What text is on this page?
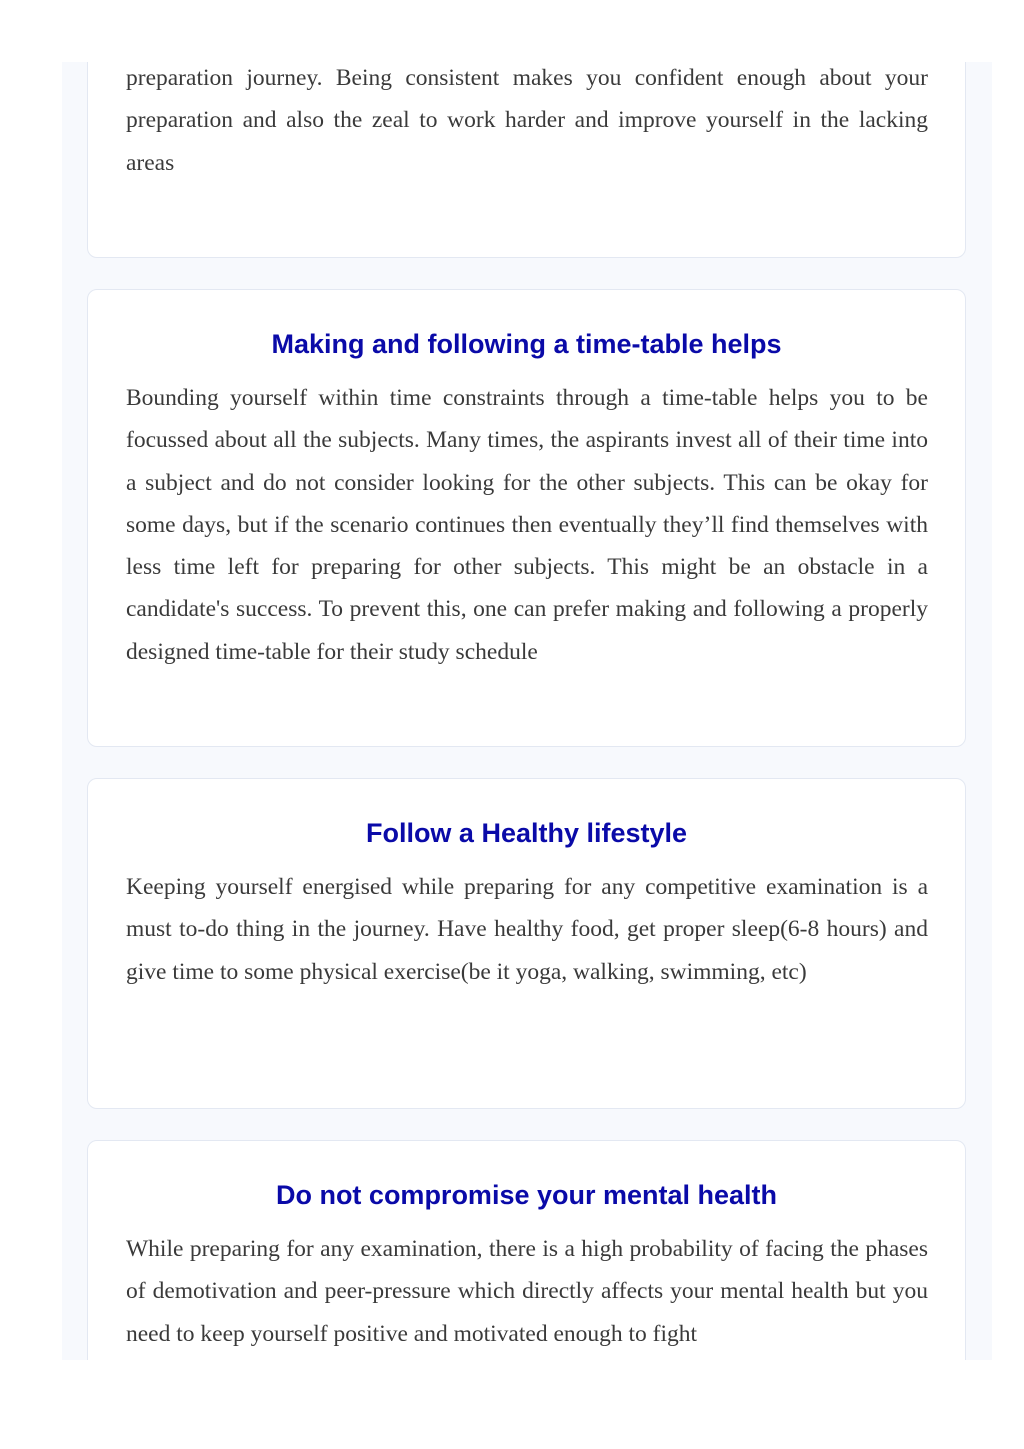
preparation journey. Being consistent makes you confident enough about your preparation and also the zeal to work harder and improve yourself in the lacking areas

Making and following a time-table helps

Bounding yourself within time constraints through a time-table helps you to be focussed about all the subjects. Many times, the aspirants invest all of their time into a subject and do not consider looking for the other subjects. This can be okay for some days, but if the scenario continues then eventually they’ll find themselves with less time left for preparing for other subjects. This might be an obstacle in a candidate's success. To prevent this, one can prefer making and following a properly designed time-table for their study schedule

Follow a Healthy lifestyle

Keeping yourself energised while preparing for any competitive examination is a must to-do thing in the journey. Have healthy food, get proper sleep(6-8 hours) and give time to some physical exercise(be it yoga, walking, swimming, etc)

Do not compromise your mental health

While preparing for any examination, there is a high probability of facing the phases of demotivation and peer-pressure which directly affects your mental health but you need to keep yourself positive and motivated enough to fight
